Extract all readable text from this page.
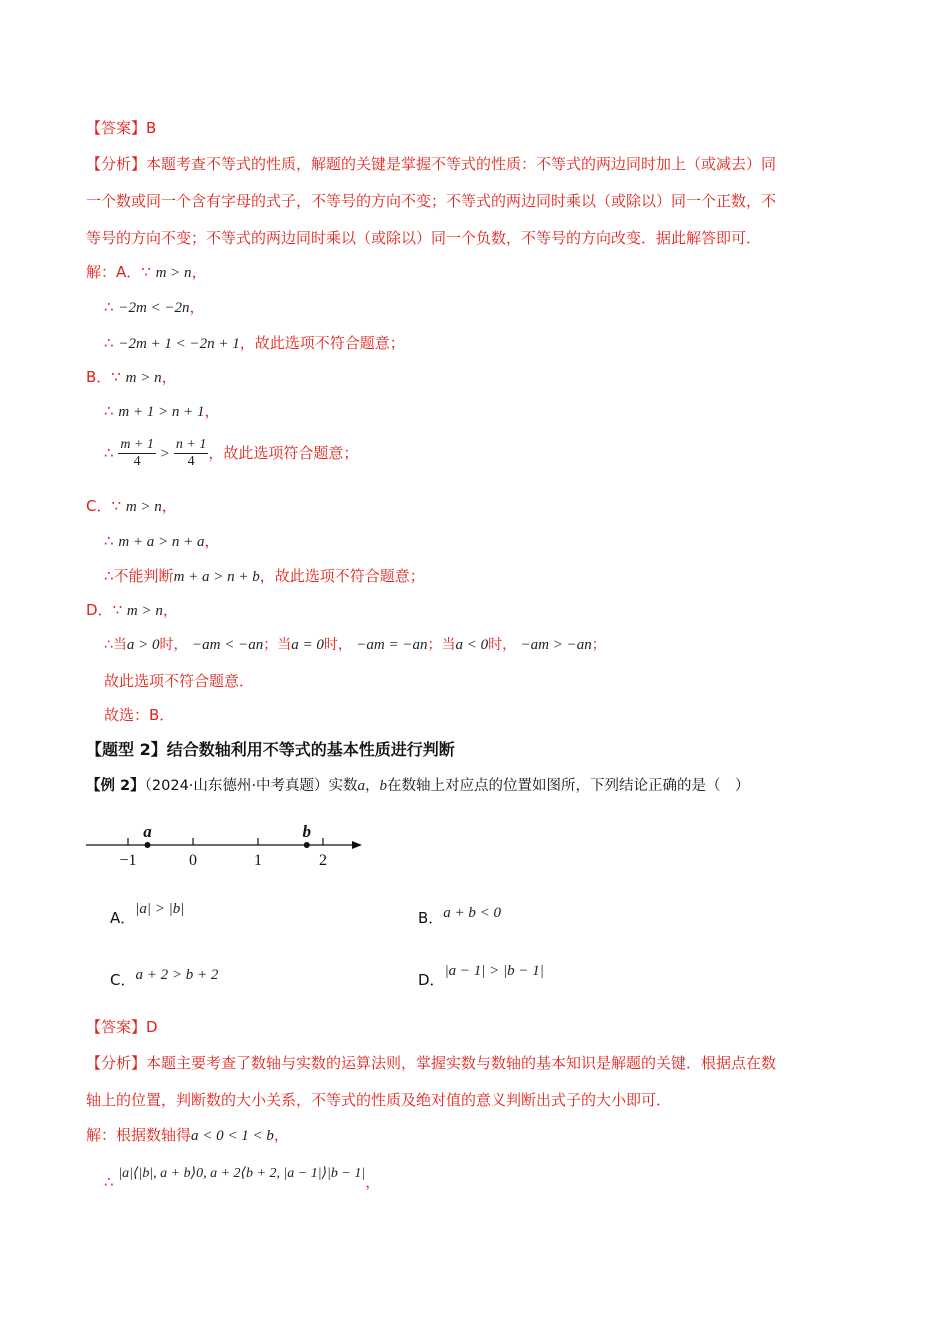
【答案】B
【分析】本题考查不等式的性质，解题的关键是掌握不等式的性质：不等式的两边同时加上（或减去）同
一个数或同一个含有字母的式子，不等号的方向不变；不等式的两边同时乘以（或除以）同一个正数，不
等号的方向不变；不等式的两边同时乘以（或除以）同一个负数，不等号的方向改变．据此解答即可．
解：A．∵ m > n，
∴ −2m < −2n，
∴ −2m + 1 < −2n + 1，故此选项不符合题意；
B．∵ m > n，
∴ m + 1 > n + 1，
∴ $\frac{m + 1}{4} > \frac{n + 1}{4}$ ，故此选项符合题意；
C．∵ m > n，
∴ m + a > n + a，
∴不能判断m + a > n + b，故此选项不符合题意；
D．∵ m > n，
∴当a > 0时， −am < −an；当a = 0时， −am = −an；当a < 0时， −am > −an；
故此选项不符合题意．
故选：B．
【题型 2】结合数轴利用不等式的基本性质进行判断
【例 2】（2024·山东德州·中考真题）实数a，b在数轴上对应点的位置如图所，下列结论正确的是（　）
−1	0	1	2
a	b
A．|a| > |b|	B．a + b < 0
C．a + 2 > b + 2	D．|a − 1| > |b − 1|
【答案】D
【分析】本题主要考查了数轴与实数的运算法则，掌握实数与数轴的基本知识是解题的关键．根据点在数
轴上的位置，判断数的大小关系，不等式的性质及绝对值的意义判断出式子的大小即可．
解：根据数轴得a < 0 < 1 < b，
∴ |a|⟨|b|, a + b⟩0, a + 2⟨b + 2, |a − 1|⟩|b − 1|，
